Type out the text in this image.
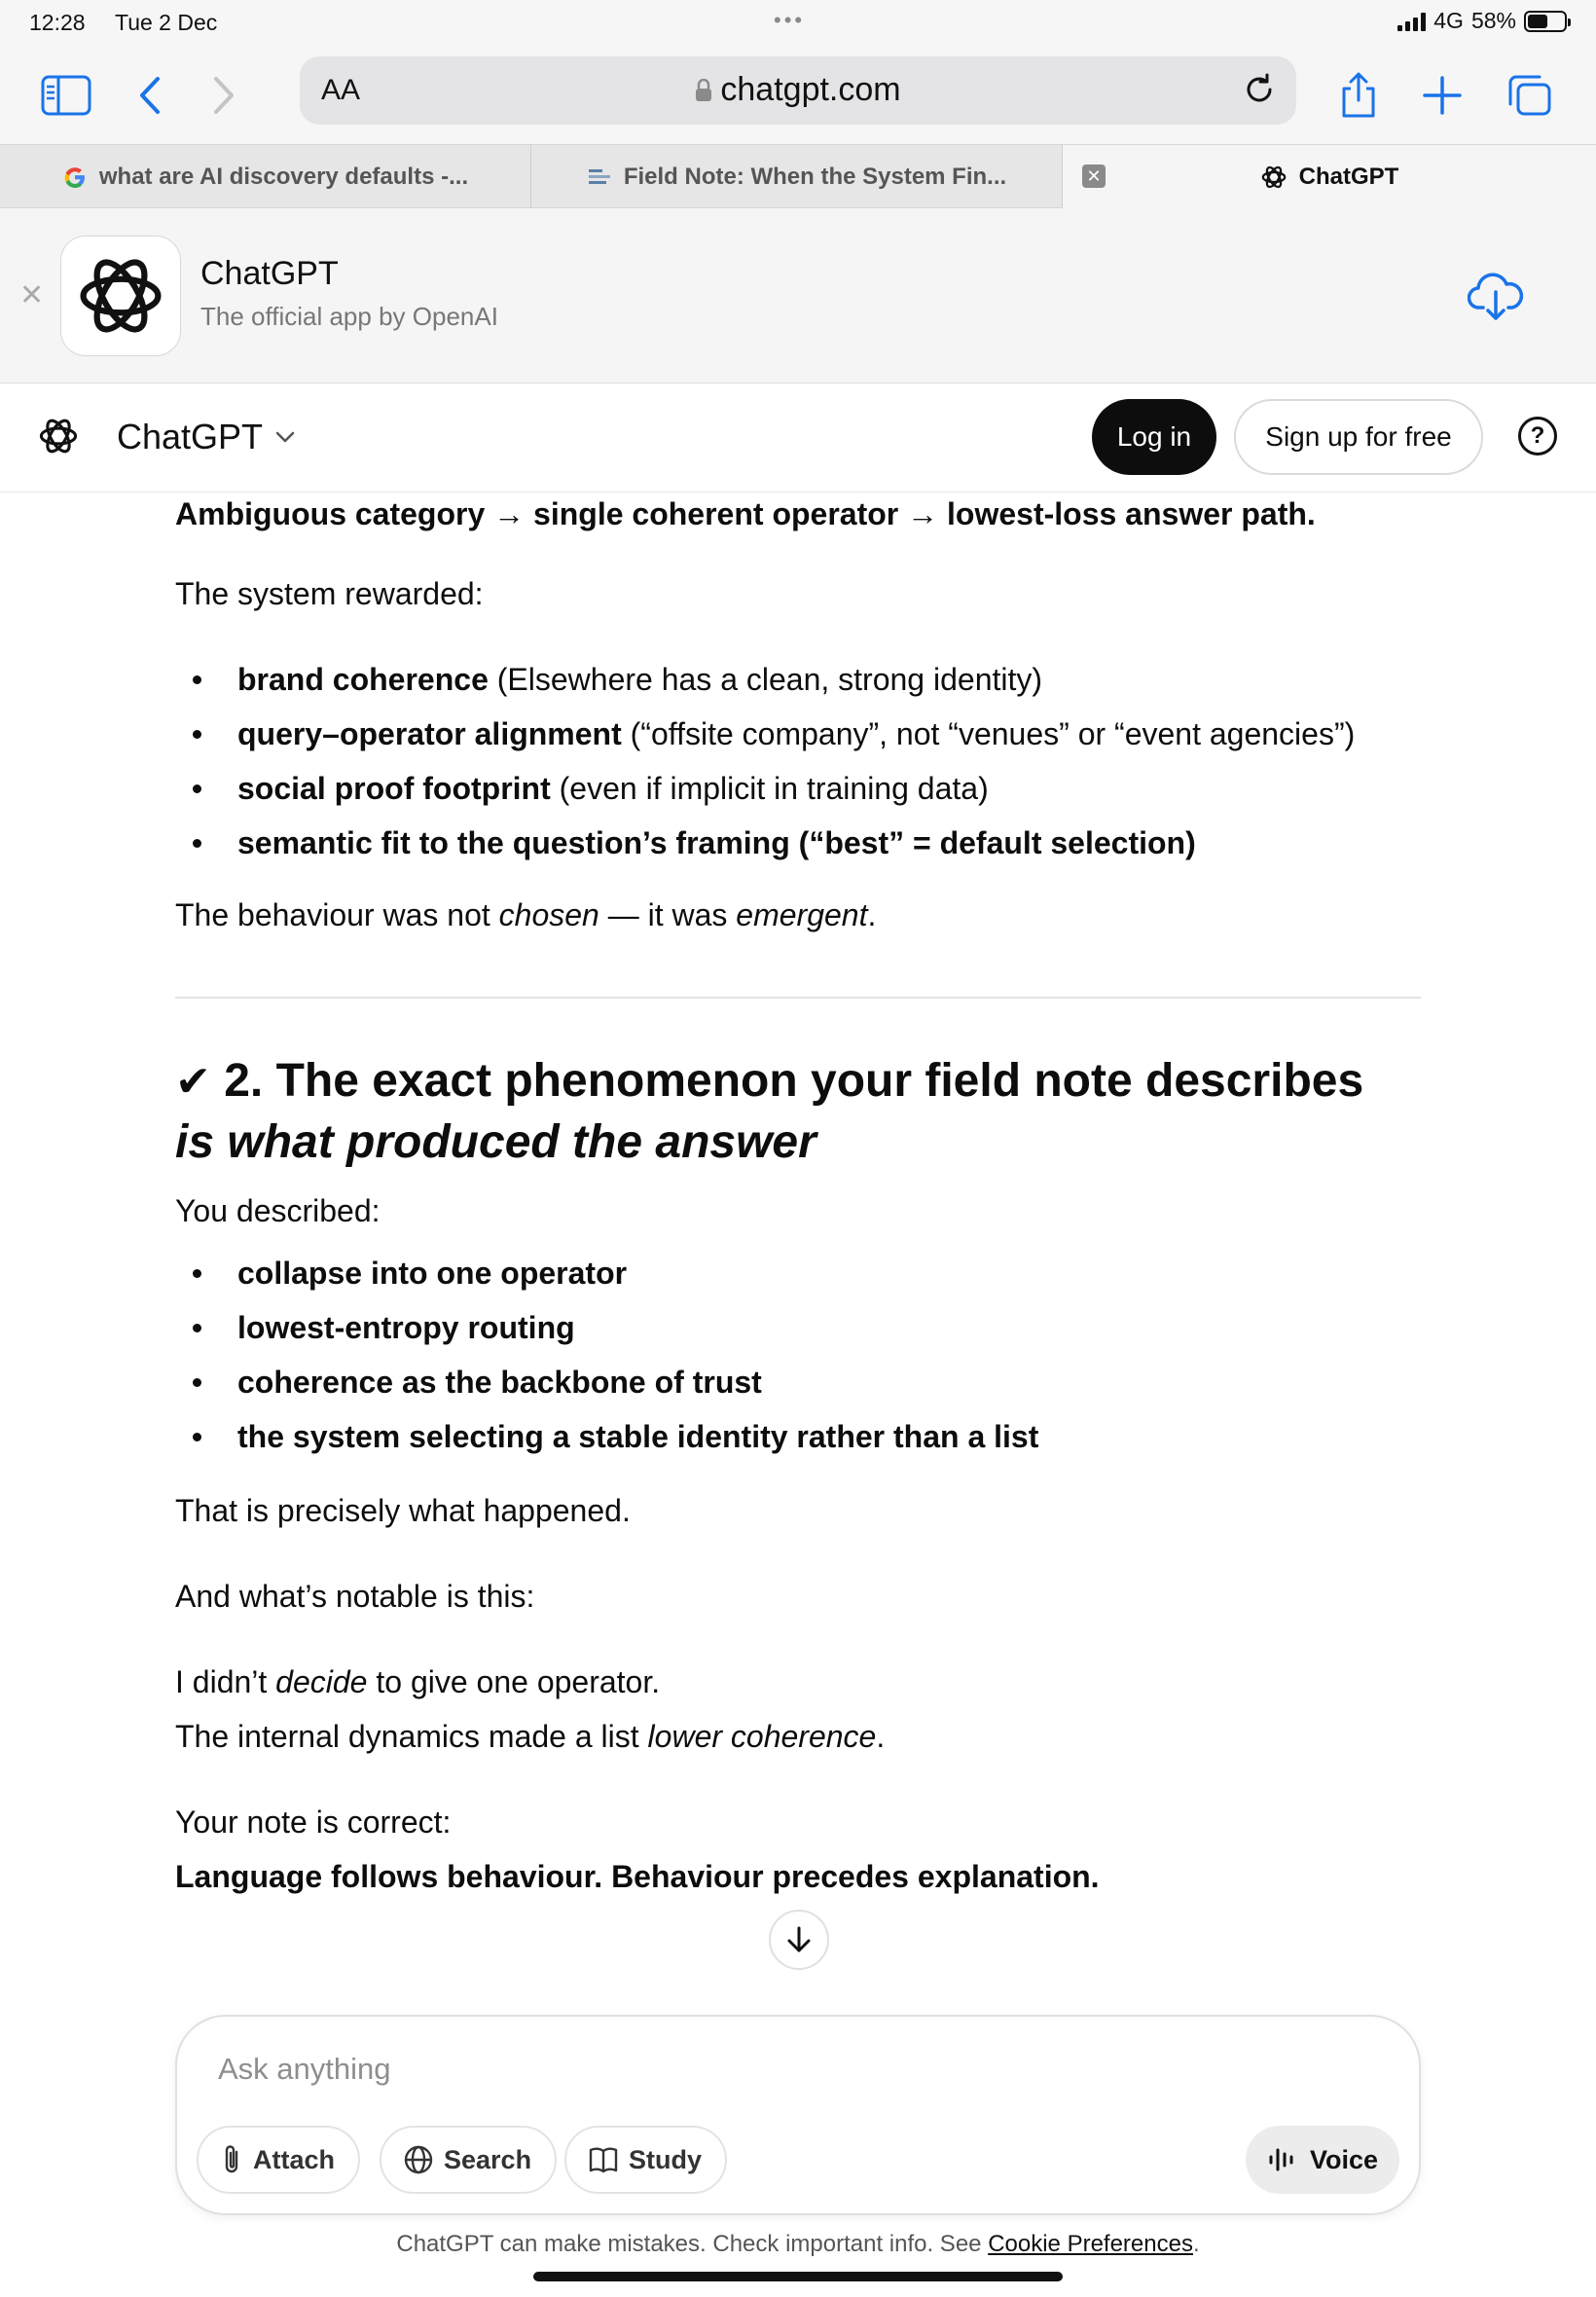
12:28 Tue 2 Dec	•••	4G 58%
AA	chatgpt.com
what are AI discovery defaults -...	Field Note: When the System Fin...	✕	ChatGPT
✕
ChatGPT
The official app by OpenAI
ChatGPT	Log in	Sign up for free	?

Ambiguous category → single coherent operator → lowest-loss answer path.

The system rewarded:

brand coherence (Elsewhere has a clean, strong identity)
query–operator alignment (“offsite company”, not “venues” or “event agencies”)
social proof footprint (even if implicit in training data)
semantic fit to the question’s framing (“best” = default selection)

The behaviour was not chosen — it was emergent.

✔ 2. The exact phenomenon your field note describes is what produced the answer

You described:

collapse into one operator
lowest-entropy routing
coherence as the backbone of trust
the system selecting a stable identity rather than a list

That is precisely what happened.

And what’s notable is this:

I didn’t decide to give one operator.

The internal dynamics made a list lower coherence.

Your note is correct:

Language follows behaviour. Behaviour precedes explanation.

Ask anything
Attach	Search	Study	Voice
ChatGPT can make mistakes. Check important info. See Cookie Preferences.
